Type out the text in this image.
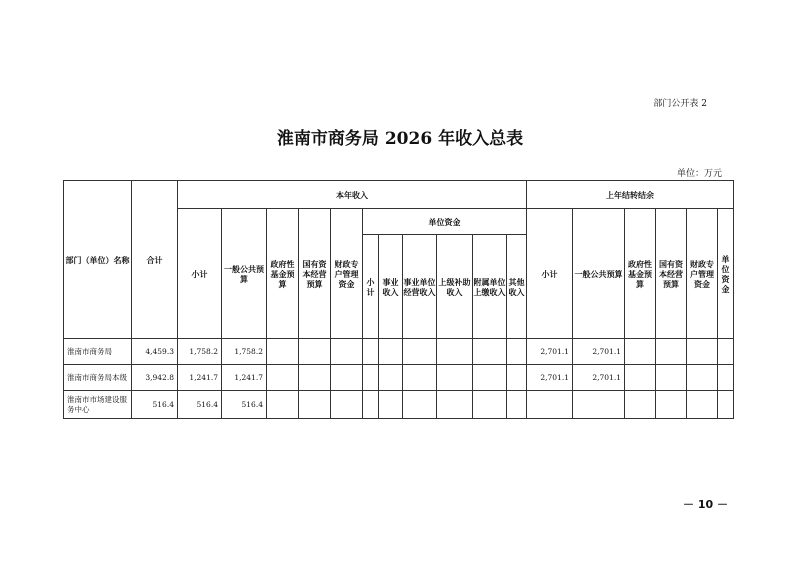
部门公开表 2
淮南市商务局 2026 年收入总表
单位：万元
部门（单位）名称	合计	本年收入											上年结转结余					
		小计	一般公共预算	政府性基金预算	国有资本经营预算	财政专户管理资金	单位资金						小计	一般公共预算	政府性基金预算	国有资本经营预算	财政专户管理资金	单位资金
							小计	事业收入	事业单位经营收入	上级补助收入	附属单位上缴收入	其他收入						
淮南市商务局	4,459.3	1,758.2	1,758.2										2,701.1	2,701.1				
淮南市商务局本级	3,942.8	1,241.7	1,241.7										2,701.1	2,701.1				
淮南市市场建设服务中心	516.4	516.4	516.4															
－ 10 －
